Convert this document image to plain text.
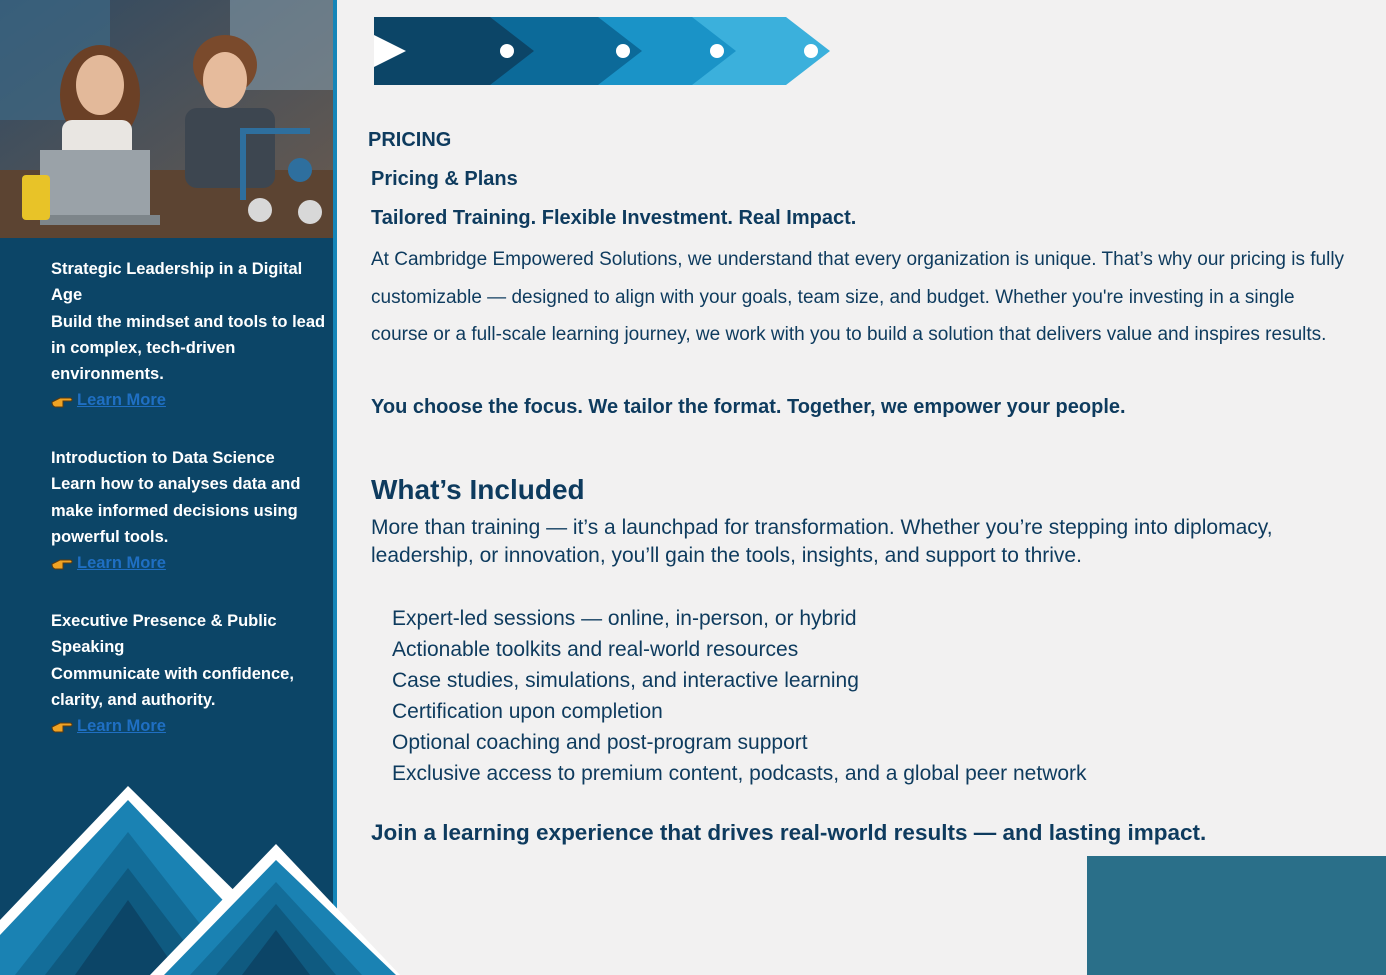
Strategic Leadership in a Digital Age
Build the mindset and tools to lead in complex, tech-driven environments.
Learn More
Introduction to Data Science
Learn how to analyses data and make informed decisions using powerful tools.
Learn More
Executive Presence & Public Speaking
Communicate with confidence, clarity, and authority.
Learn More
PRICING
Pricing & Plans
Tailored Training. Flexible Investment. Real Impact.
At Cambridge Empowered Solutions, we understand that every organization is unique. That’s why our pricing is fully customizable — designed to align with your goals, team size, and budget. Whether you're investing in a single course or a full-scale learning journey, we work with you to build a solution that delivers value and inspires results.
You choose the focus. We tailor the format. Together, we empower your people.
What’s Included
More than training — it’s a launchpad for transformation. Whether you’re stepping into diplomacy, leadership, or innovation, you’ll gain the tools, insights, and support to thrive.
Expert-led sessions — online, in-person, or hybrid
Actionable toolkits and real-world resources
Case studies, simulations, and interactive learning
Certification upon completion
Optional coaching and post-program support
Exclusive access to premium content, podcasts, and a global peer network
Join a learning experience that drives real-world results — and lasting impact.
